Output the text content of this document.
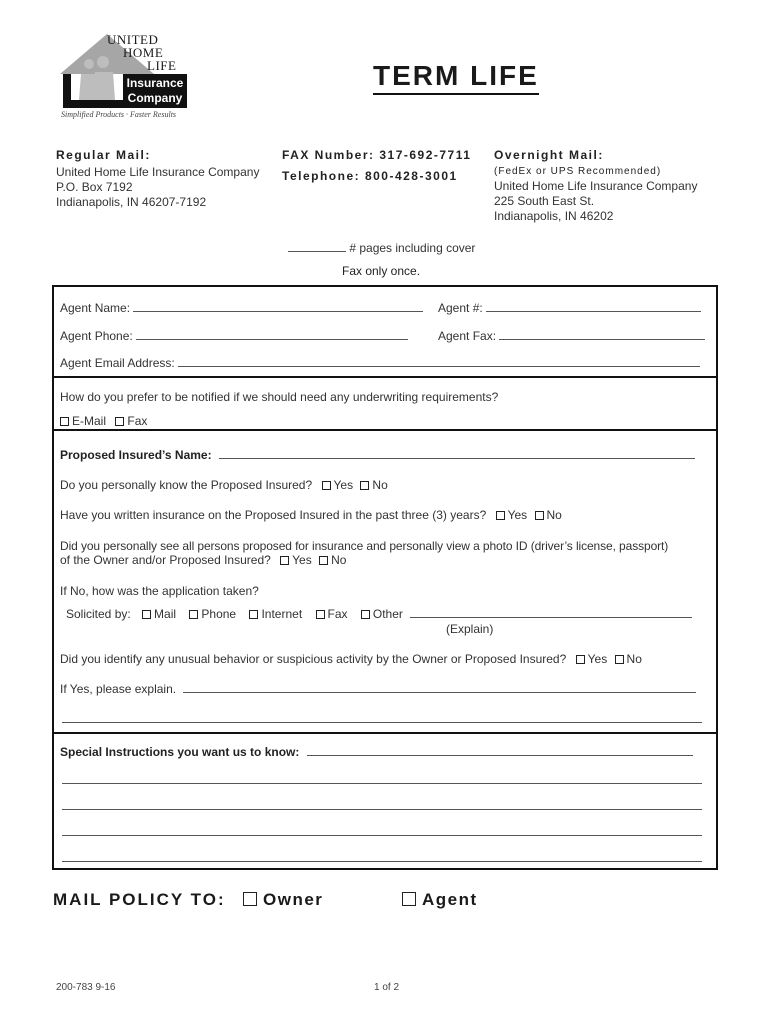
UNITED
HOME
LIFE
Insurance
Company
Simplified Products · Faster Results
TERM LIFE
Regular Mail:
United Home Life Insurance Company
P.O. Box 7192
Indianapolis, IN 46207-7192
FAX Number: 317-692-7711
Telephone: 800-428-3001
Overnight Mail:
(FedEx or UPS Recommended)
United Home Life Insurance Company
225 South East St.
Indianapolis, IN 46202
# pages including cover
Fax only once.
Agent Name:	Agent #:
Agent Phone:	Agent Fax:
Agent Email Address:
How do you prefer to be notified if we should need any underwriting requirements?
E-Mail Fax
Proposed Insured’s Name:
Do you personally know the Proposed Insured? Yes No
Have you written insurance on the Proposed Insured in the past three (3) years? Yes No
Did you personally see all persons proposed for insurance and personally view a photo ID (driver’s license, passport)
of the Owner and/or Proposed Insured? Yes No
If No, how was the application taken?
Solicited by: Mail Phone Internet Fax Other
(Explain)
Did you identify any unusual behavior or suspicious activity by the Owner or Proposed Insured? Yes No
If Yes, please explain.
Special Instructions you want us to know:
MAIL POLICY TO:	Owner	Agent
200-783 9-16	1 of 2
